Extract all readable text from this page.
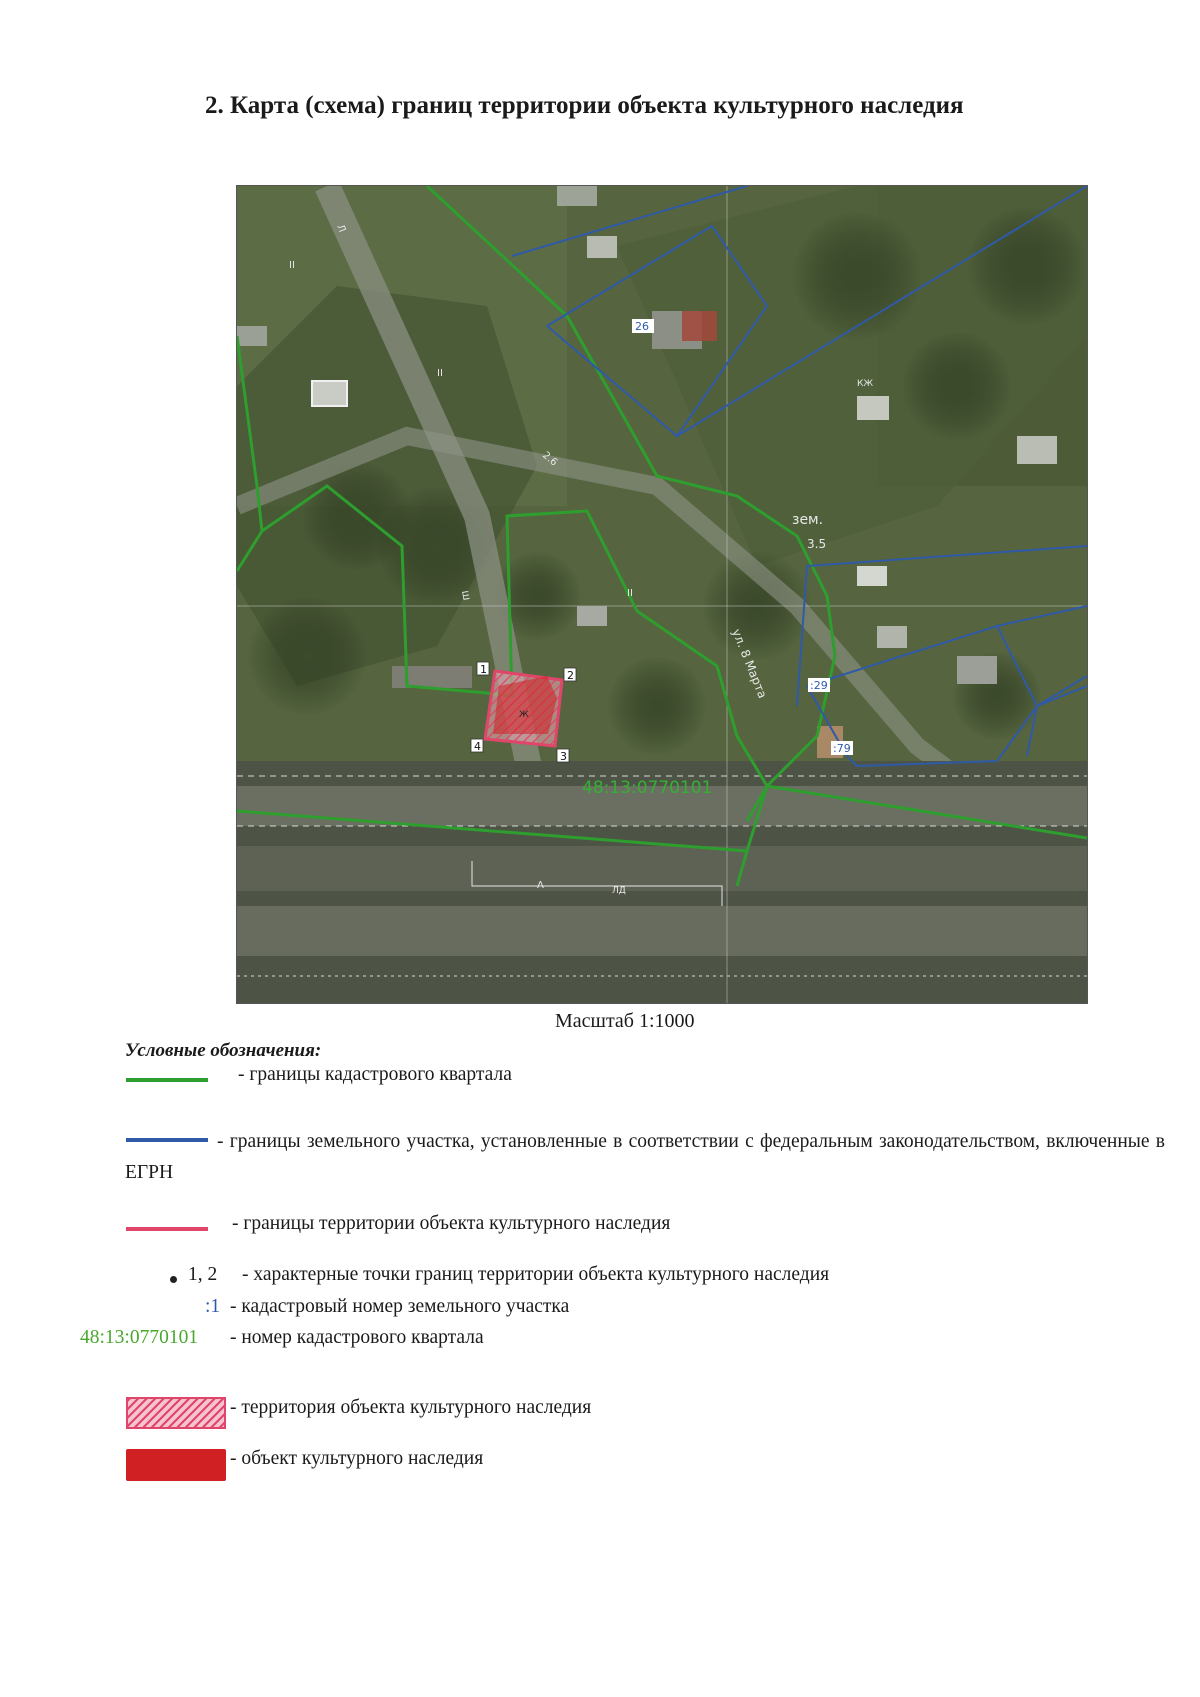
2. Карта (схема) границ территории объекта культурного наследия
А	ЛД
1	2
3
4
26
:29
:79
48:13:0770101
ул. 8 Марта
зем.
3.5
2.6
II
II
II
ш
КЖ
Ж
Л
Масштаб 1:1000
Условные обозначения:
- границы кадастрового квартала
- границы земельного участка, установленные в соответствии с федеральным законодательством, включенные в ЕГРН
- границы территории объекта культурного наследия
1, 2 - характерные точки границ территории объекта культурного наследия
:1 - кадастровый номер земельного участка
48:13:0770101 - номер кадастрового квартала
- территория объекта культурного наследия
- объект культурного наследия
